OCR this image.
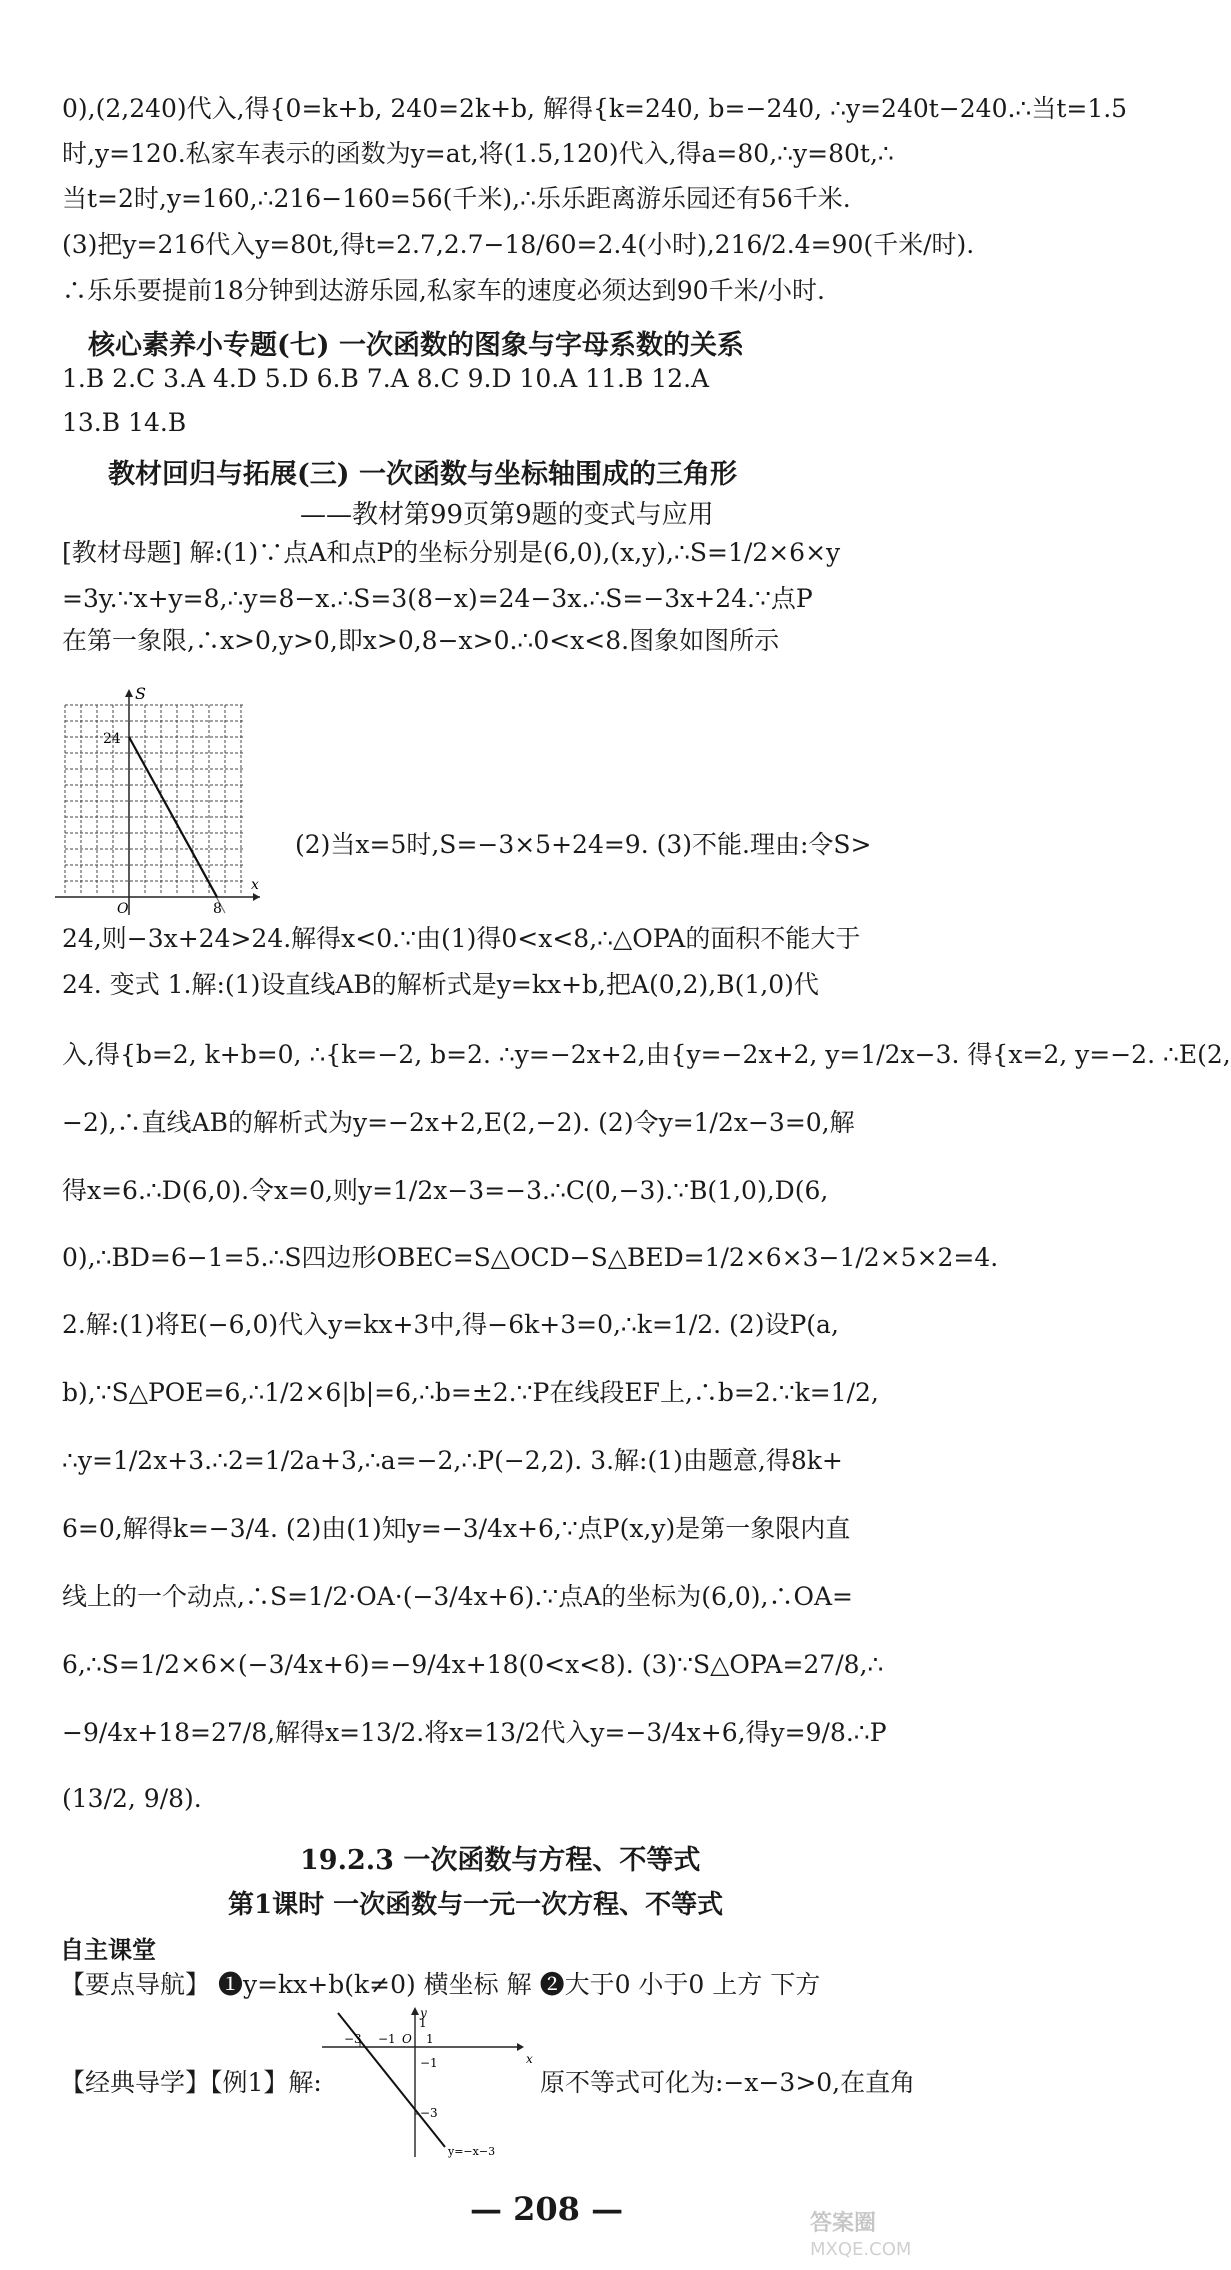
0),(2,240)代入,得{0=k+b, 240=2k+b, 解得{k=240, b=−240, ∴y=240t−240.∴当t=1.5
时,y=120.私家车表示的函数为y=at,将(1.5,120)代入,得a=80,∴y=80t,∴
当t=2时,y=160,∴216−160=56(千米),∴乐乐距离游乐园还有56千米.
(3)把y=216代入y=80t,得t=2.7,2.7−18/60=2.4(小时),216/2.4=90(千米/时).
∴乐乐要提前18分钟到达游乐园,私家车的速度必须达到90千米/小时.
核心素养小专题(七) 一次函数的图象与字母系数的关系
1.B 2.C 3.A 4.D 5.D 6.B 7.A 8.C 9.D 10.A 11.B 12.A
13.B 14.B
教材回归与拓展(三) 一次函数与坐标轴围成的三角形
——教材第99页第9题的变式与应用
[教材母题] 解:(1)∵点A和点P的坐标分别是(6,0),(x,y),∴S=1/2×6×y
=3y.∵x+y=8,∴y=8−x.∴S=3(8−x)=24−3x.∴S=−3x+24.∵点P
在第一象限,∴x>0,y>0,即x>0,8−x>0.∴0<x<8.图象如图所示
S
24
O	8
x
(2)当x=5时,S=−3×5+24=9. (3)不能.理由:令S>
24,则−3x+24>24.解得x<0.∵由(1)得0<x<8,∴△OPA的面积不能大于
24. 变式 1.解:(1)设直线AB的解析式是y=kx+b,把A(0,2),B(1,0)代
入,得{b=2, k+b=0, ∴{k=−2, b=2. ∴y=−2x+2,由{y=−2x+2, y=1/2x−3. 得{x=2, y=−2. ∴E(2,
−2),∴直线AB的解析式为y=−2x+2,E(2,−2). (2)令y=1/2x−3=0,解
得x=6.∴D(6,0).令x=0,则y=1/2x−3=−3.∴C(0,−3).∵B(1,0),D(6,
0),∴BD=6−1=5.∴S四边形OBEC=S△OCD−S△BED=1/2×6×3−1/2×5×2=4.
2.解:(1)将E(−6,0)代入y=kx+3中,得−6k+3=0,∴k=1/2. (2)设P(a,
b),∵S△POE=6,∴1/2×6|b|=6,∴b=±2.∵P在线段EF上,∴b=2.∵k=1/2,
∴y=1/2x+3.∴2=1/2a+3,∴a=−2,∴P(−2,2). 3.解:(1)由题意,得8k+
6=0,解得k=−3/4. (2)由(1)知y=−3/4x+6,∵点P(x,y)是第一象限内直
线上的一个动点,∴S=1/2·OA·(−3/4x+6).∵点A的坐标为(6,0),∴OA=
6,∴S=1/2×6×(−3/4x+6)=−9/4x+18(0<x<8). (3)∵S△OPA=27/8,∴
−9/4x+18=27/8,解得x=13/2.将x=13/2代入y=−3/4x+6,得y=9/8.∴P
(13/2, 9/8).
19.2.3 一次函数与方程、不等式
第1课时 一次函数与一元一次方程、不等式
自主课堂
【要点导航】 ❶y=kx+b(k≠0) 横坐标 解 ❷大于0 小于0 上方 下方
−3 −1 O 1
1
−1
−3
y
x
y=−x−3
【经典导学】【例1】解:	原不等式可化为:−x−3>0,在直角
— 208 —	答案圈
MXQE.COM
